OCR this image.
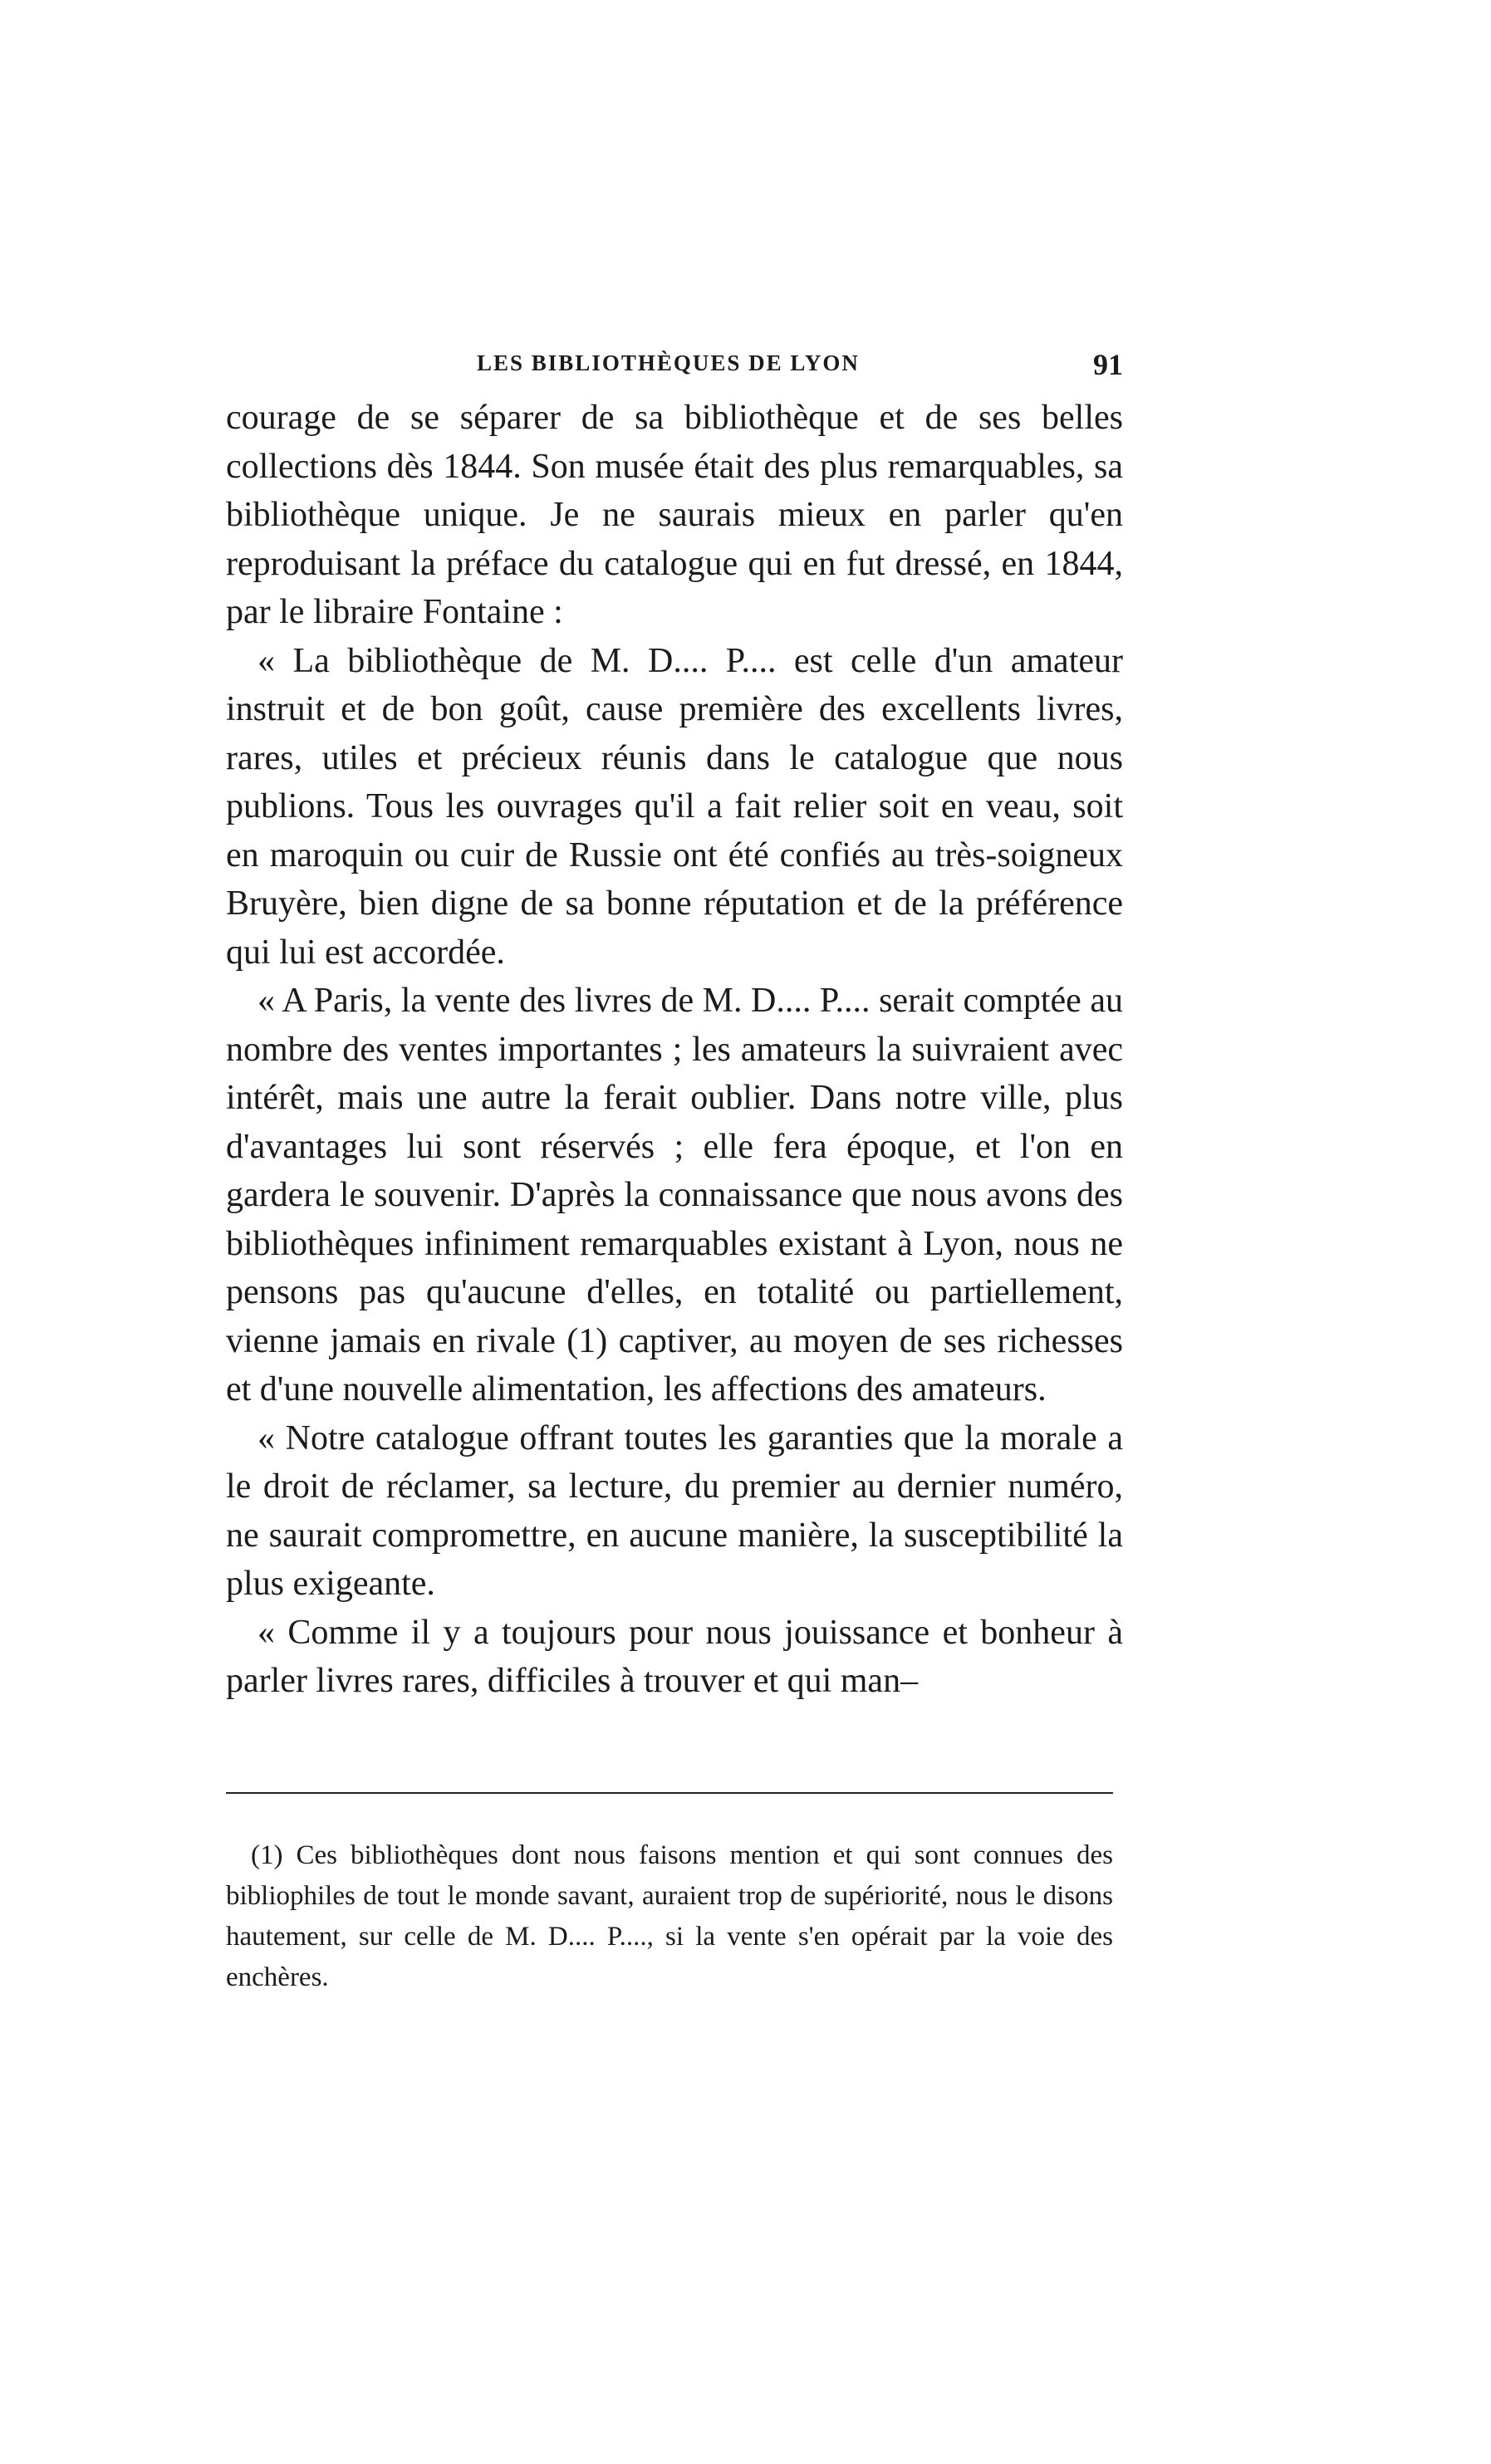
LES BIBLIOTHÈQUES DE LYON	91

courage de se séparer de sa bibliothèque et de ses belles collections dès 1844. Son musée était des plus remarquables, sa bibliothèque unique. Je ne saurais mieux en parler qu'en reproduisant la préface du catalogue qui en fut dressé, en 1844, par le libraire Fontaine :

« La bibliothèque de M. D.... P.... est celle d'un amateur instruit et de bon goût, cause première des excellents livres, rares, utiles et précieux réunis dans le catalogue que nous publions. Tous les ouvrages qu'il a fait relier soit en veau, soit en maroquin ou cuir de Russie ont été confiés au très-soigneux Bruyère, bien digne de sa bonne réputation et de la préférence qui lui est accordée.

« A Paris, la vente des livres de M. D.... P.... serait comptée au nombre des ventes importantes ; les amateurs la suivraient avec intérêt, mais une autre la ferait oublier. Dans notre ville, plus d'avantages lui sont réservés ; elle fera époque, et l'on en gardera le souvenir. D'après la connaissance que nous avons des bibliothèques infiniment remarquables existant à Lyon, nous ne pensons pas qu'aucune d'elles, en totalité ou partiellement, vienne jamais en rivale (1) captiver, au moyen de ses richesses et d'une nouvelle alimentation, les affections des amateurs.

« Notre catalogue offrant toutes les garanties que la morale a le droit de réclamer, sa lecture, du premier au dernier numéro, ne saurait compromettre, en aucune manière, la susceptibilité la plus exigeante.

« Comme il y a toujours pour nous jouissance et bonheur à parler livres rares, difficiles à trouver et qui man–

(1) Ces bibliothèques dont nous faisons mention et qui sont connues des bibliophiles de tout le monde savant, auraient trop de supériorité, nous le disons hautement, sur celle de M. D.... P...., si la vente s'en opérait par la voie des enchères.
